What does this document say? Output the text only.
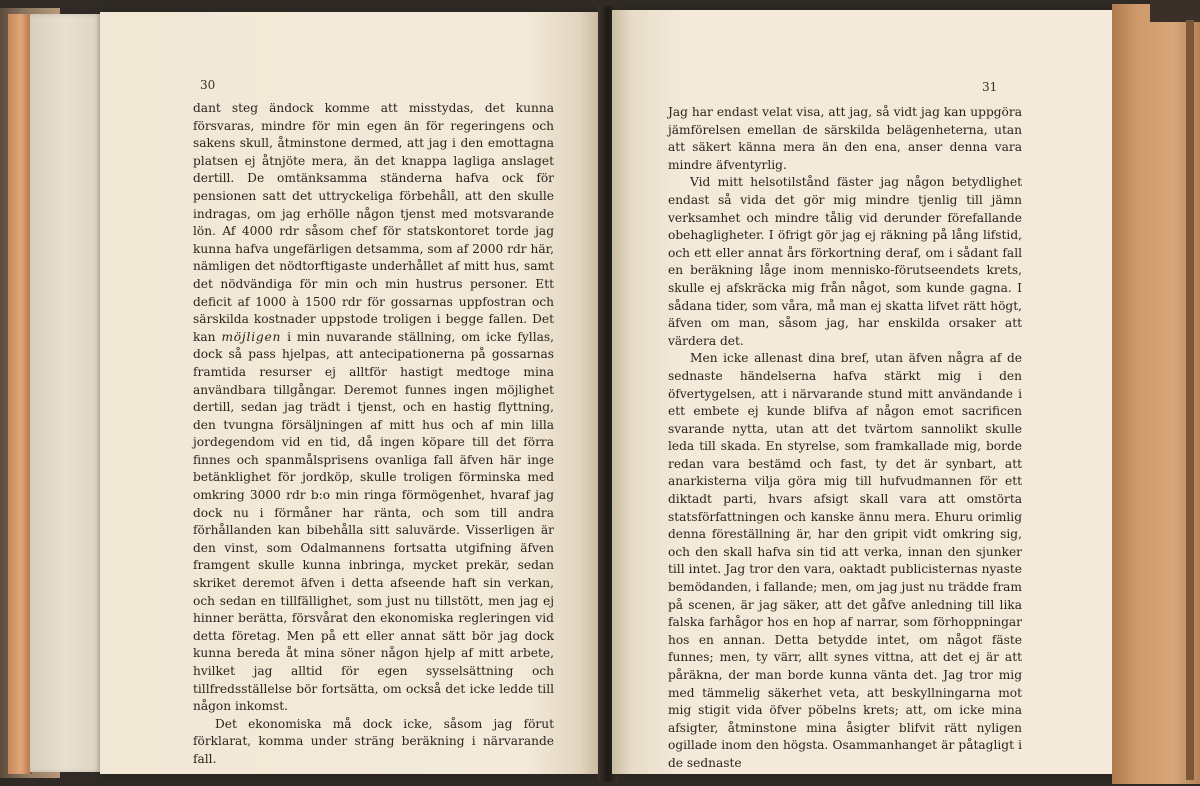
30

dant steg ändock komme att misstydas, det kunna försvaras, mindre för min egen än för regeringens och sakens skull, åtminstone dermed, att jag i den emottagna platsen ej åtnjöte mera, än det knappa lagliga anslaget dertill. De omtänksamma ständerna hafva ock för pensionen satt det uttryckeliga förbehåll, att den skulle indragas, om jag erhölle någon tjenst med motsvarande lön. Af 4000 rdr såsom chef för statskontoret torde jag kunna hafva ungefärligen detsamma, som af 2000 rdr här, nämligen det nödtorftigaste underhållet af mitt hus, samt det nödvändiga för min och min hustrus personer. Ett deficit af 1000 à 1500 rdr för gossarnas uppfostran och särskilda kostnader uppstode troligen i begge fallen. Det kan möjligen i min nuvarande ställning, om icke fyllas, dock så pass hjelpas, att antecipationerna på gossarnas framtida resurser ej alltför hastigt medtoge mina användbara tillgångar. Deremot funnes ingen möjlighet dertill, sedan jag trädt i tjenst, och en hastig flyttning, den tvungna försäljningen af mitt hus och af min lilla jordegendom vid en tid, då ingen köpare till det förra finnes och spanmålsprisens ovanliga fall äfven här inge betänklighet för jordköp, skulle troligen förminska med omkring 3000 rdr b:o min ringa förmögenhet, hvaraf jag dock nu i förmåner har ränta, och som till andra förhållanden kan bibehålla sitt saluvärde. Visserligen är den vinst, som Odalmannens fortsatta utgifning äfven framgent skulle kunna inbringa, mycket prekär, sedan skriket deremot äfven i detta afseende haft sin verkan, och sedan en tillfällighet, som just nu tillstött, men jag ej hinner berätta, försvårat den ekonomiska regleringen vid detta företag. Men på ett eller annat sätt bör jag dock kunna bereda åt mina söner någon hjelp af mitt arbete, hvilket jag alltid för egen sysselsättning och tillfredsställelse bör fortsätta, om också det icke ledde till någon inkomst.

Det ekonomiska må dock icke, såsom jag förut förklarat, komma under sträng beräkning i närvarande fall.

31

Jag har endast velat visa, att jag, så vidt jag kan uppgöra jämförelsen emellan de särskilda belägenheterna, utan att säkert känna mera än den ena, anser denna vara mindre äfventyrlig.

Vid mitt helsotilstånd fäster jag någon betydlighet endast så vida det gör mig mindre tjenlig till jämn verksamhet och mindre tålig vid derunder förefallande obehagligheter. I öfrigt gör jag ej räkning på lång lifstid, och ett eller annat års förkortning deraf, om i sådant fall en beräkning låge inom mennisko-förutseendets krets, skulle ej afskräcka mig från något, som kunde gagna. I sådana tider, som våra, må man ej skatta lifvet rätt högt, äfven om man, såsom jag, har enskilda orsaker att värdera det.

Men icke allenast dina bref, utan äfven några af de sednaste händelserna hafva stärkt mig i den öfvertygelsen, att i närvarande stund mitt användande i ett embete ej kunde blifva af någon emot sacrificen svarande nytta, utan att det tvärtom sannolikt skulle leda till skada. En styrelse, som framkallade mig, borde redan vara bestämd och fast, ty det är synbart, att anarkisterna vilja göra mig till hufvudmannen för ett diktadt parti, hvars afsigt skall vara att omstörta statsförfattningen och kanske ännu mera. Ehuru orimlig denna föreställning är, har den gripit vidt omkring sig, och den skall hafva sin tid att verka, innan den sjunker till intet. Jag tror den vara, oaktadt publicisternas nyaste bemödanden, i fallande; men, om jag just nu trädde fram på scenen, är jag säker, att det gåfve anledning till lika falska farhågor hos en hop af narrar, som förhoppningar hos en annan. Detta betydde intet, om något fäste funnes; men, ty värr, allt synes vittna, att det ej är att påräkna, der man borde kunna vänta det. Jag tror mig med tämmelig säkerhet veta, att beskyllningarna mot mig stigit vida öfver pöbelns krets; att, om icke mina afsigter, åtminstone mina åsigter blifvit rätt nyligen ogillade inom den högsta. Osammanhanget är påtagligt i de sednaste
